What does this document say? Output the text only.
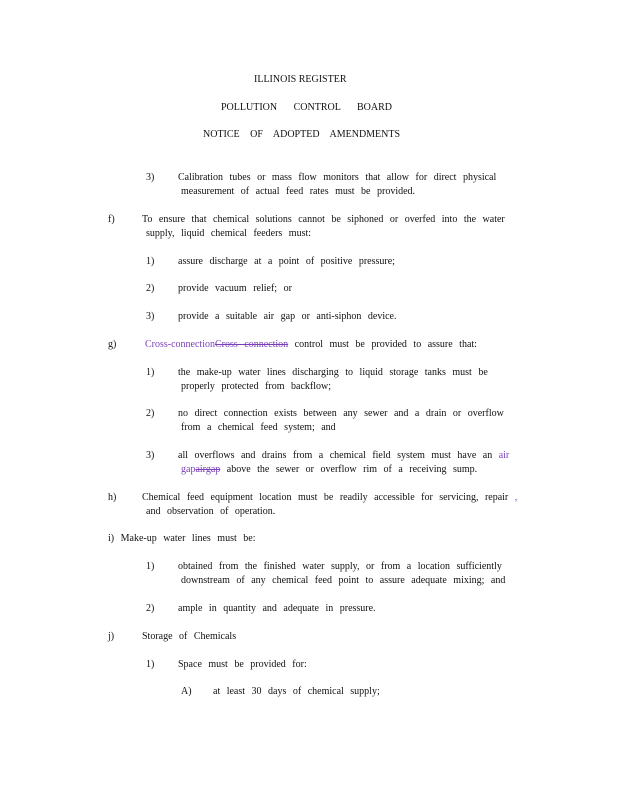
ILLINOIS REGISTER
POLLUTION CONTROL BOARD
NOTICE OF ADOPTED AMENDMENTS
3) Calibration tubes or mass flow monitors that allow for direct physical
measurement of actual feed rates must be provided.
f)	To ensure that chemical solutions cannot be siphoned or overfed into the water
supply, liquid chemical feeders must:
1) assure discharge at a point of positive pressure;
2) provide vacuum relief; or
3) provide a suitable air gap or anti-siphon device.
g)	Cross-connectionCross connection control must be provided to assure that:
1) the make-up water lines discharging to liquid storage tanks must be
properly protected from backflow;
2) no direct connection exists between any sewer and a drain or overflow
from a chemical feed system; and
3) all overflows and drains from a chemical field system must have an air
gapairgap above the sewer or overflow rim of a receiving sump.
h)	Chemical feed equipment location must be readily accessible for servicing, repair ,
and observation of operation.
i) Make-up water lines must be:
1) obtained from the finished water supply, or from a location sufficiently
downstream of any chemical feed point to assure adequate mixing; and
2) ample in quantity and adequate in pressure.
j)	Storage of Chemicals
1) Space must be provided for:
A) at least 30 days of chemical supply;
